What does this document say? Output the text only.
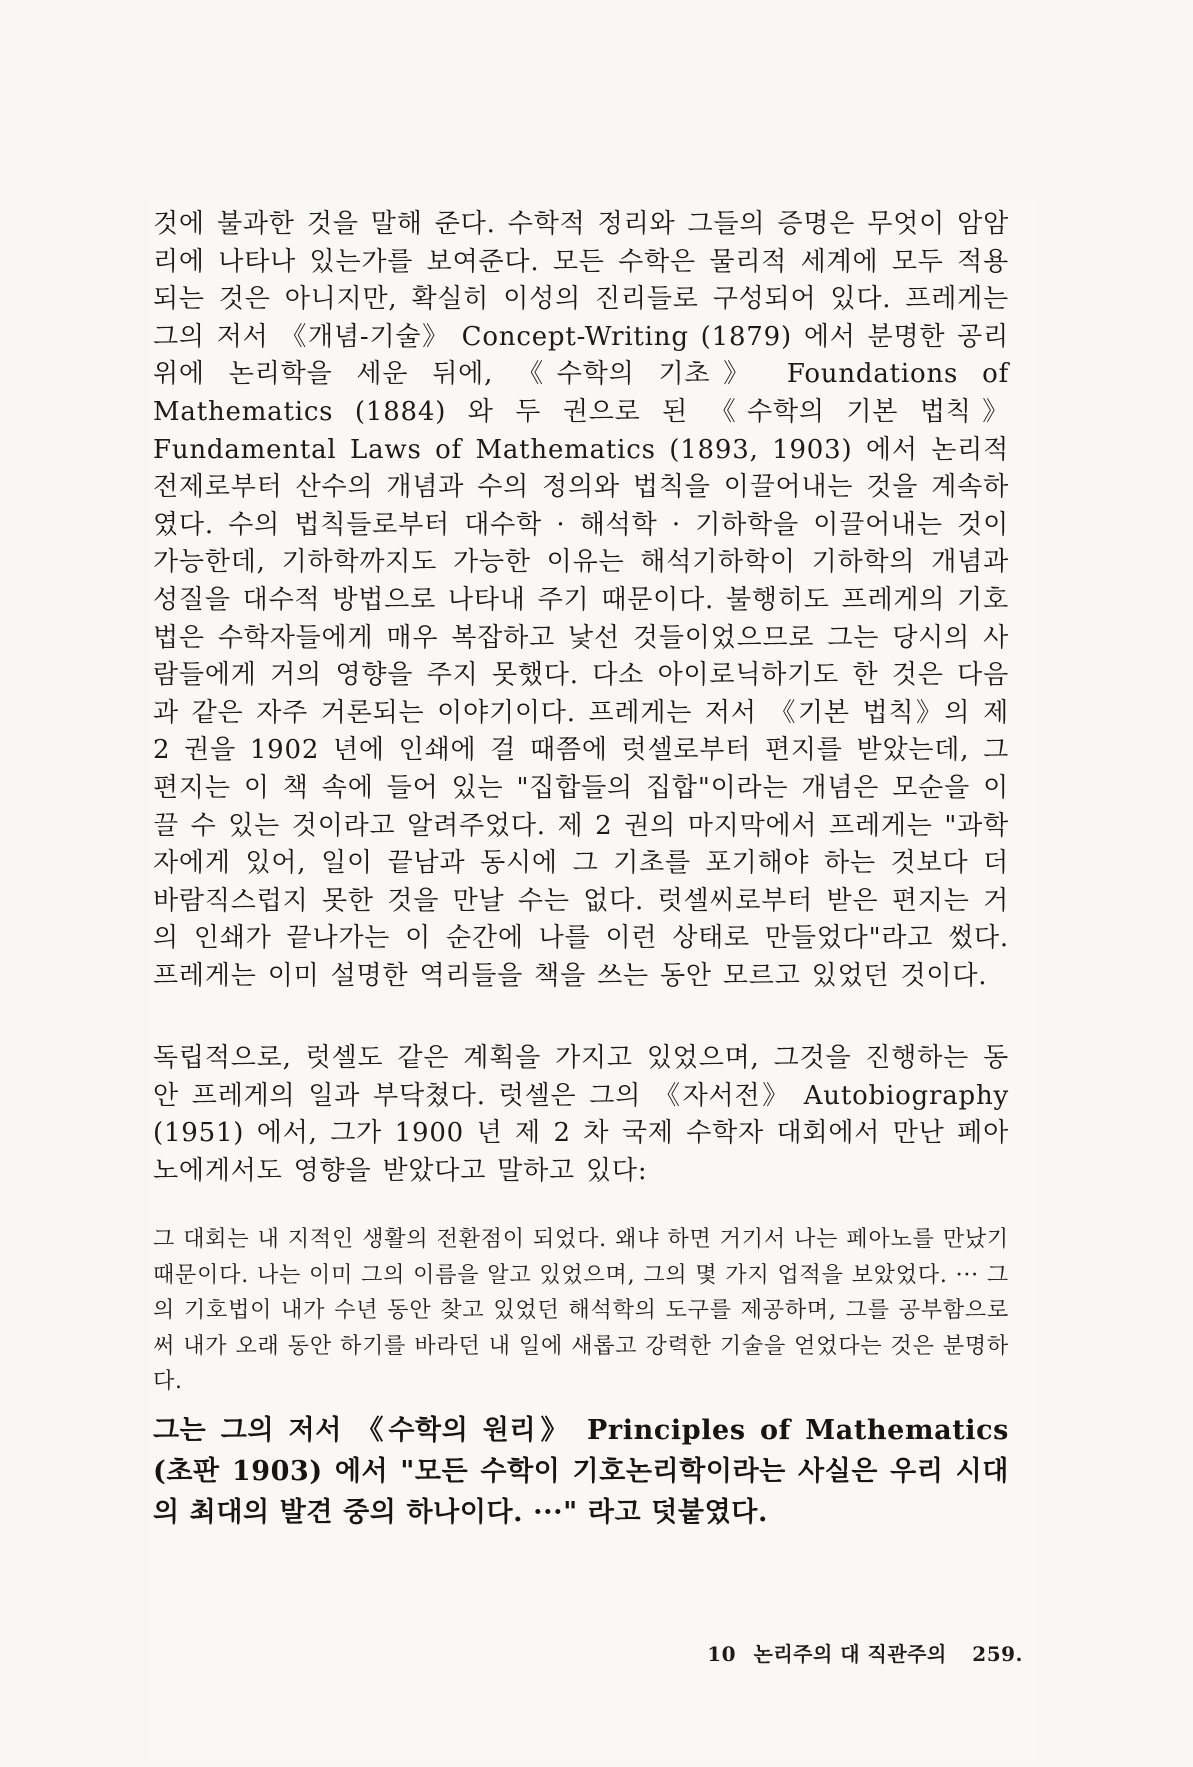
것에 불과한 것을 말해 준다. 수학적 정리와 그들의 증명은 무엇이 암암리에 나타나 있는가를 보여준다. 모든 수학은 물리적 세계에 모두 적용되는 것은 아니지만, 확실히 이성의 진리들로 구성되어 있다. 프레게는 그의 저서 《개념-기술》 Concept-Writing (1879) 에서 분명한 공리 위에 논리학을 세운 뒤에, 《수학의 기초》 Foundations of Mathematics (1884) 와 두 권으로 된 《수학의 기본 법칙》 Fundamental Laws of Mathematics (1893, 1903) 에서 논리적 전제로부터 산수의 개념과 수의 정의와 법칙을 이끌어내는 것을 계속하였다. 수의 법칙들로부터 대수학 · 해석학 · 기하학을 이끌어내는 것이 가능한데, 기하학까지도 가능한 이유는 해석기하학이 기하학의 개념과 성질을 대수적 방법으로 나타내 주기 때문이다. 불행히도 프레게의 기호법은 수학자들에게 매우 복잡하고 낯선 것들이었으므로 그는 당시의 사람들에게 거의 영향을 주지 못했다. 다소 아이로닉하기도 한 것은 다음과 같은 자주 거론되는 이야기이다. 프레게는 저서 《기본 법칙》의 제 2 권을 1902 년에 인쇄에 걸 때쯤에 럿셀로부터 편지를 받았는데, 그 편지는 이 책 속에 들어 있는 "집합들의 집합"이라는 개념은 모순을 이끌 수 있는 것이라고 알려주었다. 제 2 권의 마지막에서 프레게는 "과학자에게 있어, 일이 끝남과 동시에 그 기초를 포기해야 하는 것보다 더 바람직스럽지 못한 것을 만날 수는 없다. 럿셀씨로부터 받은 편지는 거의 인쇄가 끝나가는 이 순간에 나를 이런 상태로 만들었다"라고 썼다. 프레게는 이미 설명한 역리들을 책을 쓰는 동안 모르고 있었던 것이다.

독립적으로, 럿셀도 같은 계획을 가지고 있었으며, 그것을 진행하는 동안 프레게의 일과 부닥쳤다. 럿셀은 그의 《자서전》 Autobiography (1951) 에서, 그가 1900 년 제 2 차 국제 수학자 대회에서 만난 페아노에게서도 영향을 받았다고 말하고 있다:

그 대회는 내 지적인 생활의 전환점이 되었다. 왜냐 하면 거기서 나는 페아노를 만났기 때문이다. 나는 이미 그의 이름을 알고 있었으며, 그의 몇 가지 업적을 보았었다. ··· 그의 기호법이 내가 수년 동안 찾고 있었던 해석학의 도구를 제공하며, 그를 공부함으로써 내가 오래 동안 하기를 바라던 내 일에 새롭고 강력한 기술을 얻었다는 것은 분명하다.

그는 그의 저서 《수학의 원리》 Principles of Mathematics (초판 1903) 에서 "모든 수학이 기호논리학이라는 사실은 우리 시대의 최대의 발견 중의 하나이다. ···" 라고 덧붙였다.

10 논리주의 대 직관주의 259.
